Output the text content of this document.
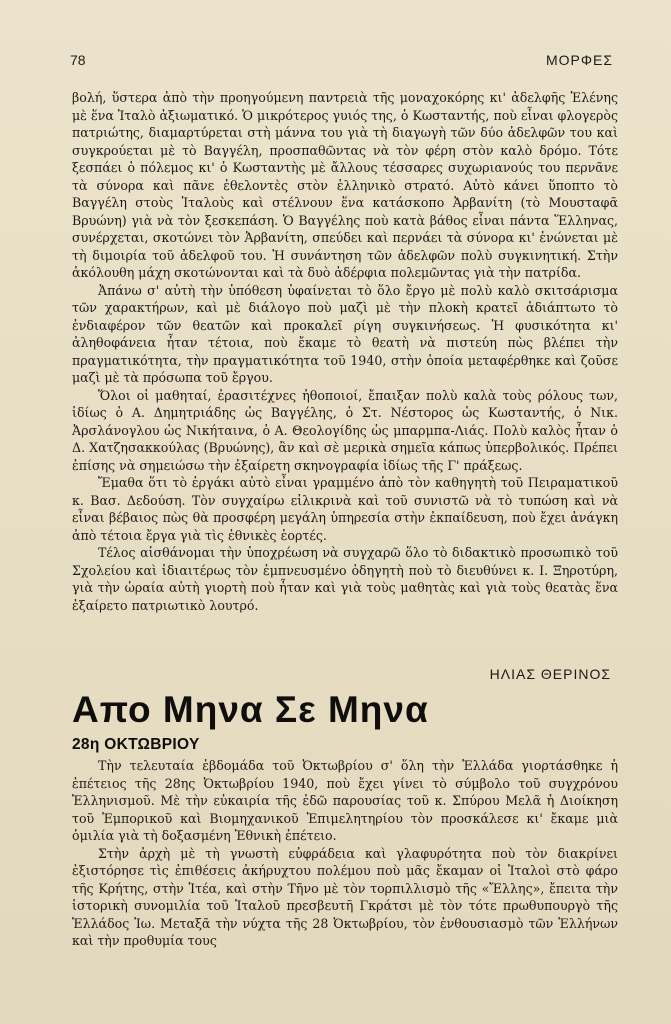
78	ΜΟΡΦΕΣ

βολή, ὕστερα ἀπὸ τὴν προηγούμενη παντρειὰ τῆς μοναχοκόρης κι' ἀδελφῆς Ἑλένης μὲ ἕνα Ἰταλὸ ἀξιωματικό. Ὁ μικρότερος γυιός της, ὁ Κωσταντής, ποὺ εἶναι φλογερὸς πατριώτης, διαμαρτύρεται στὴ μάννα του γιὰ τὴ διαγωγὴ τῶν δύο ἀδελφῶν του καὶ συγκρούεται μὲ τὸ Βαγγέλη, προσπαθῶντας νὰ τὸν φέρη στὸν καλὸ δρόμο. Τότε ξεσπάει ὁ πόλεμος κι' ὁ Κωσταντὴς μὲ ἄλλους τέσσαρες συχωριανούς του περνᾶνε τὰ σύνορα καὶ πᾶνε ἐθελοντὲς στὸν ἑλληνικὸ στρατό. Αὐτὸ κάνει ὕποπτο τὸ Βαγγέλη στοὺς Ἰταλοὺς καὶ στέλνουν ἕνα κατάσκοπο Ἀρβανίτη (τὸ Μουσταφᾶ Βρυώνη) γιὰ νὰ τὸν ξεσκεπάση. Ὁ Βαγγέλης ποὺ κατὰ βάθος εἶναι πάντα Ἕλληνας, συνέρχεται, σκοτώνει τὸν Ἀρβανίτη, σπεύδει καὶ περνάει τὰ σύνορα κι' ἑνώνεται μὲ τὴ διμοιρία τοῦ ἀδελφοῦ του. Ἡ συνάντηση τῶν ἀδελφῶν πολὺ συγκινητική. Στὴν ἀκόλουθη μάχη σκοτώνονται καὶ τὰ δυὸ ἀδέρφια πολεμῶντας γιὰ τὴν πατρίδα.

Ἀπάνω σ' αὐτὴ τὴν ὑπόθεση ὑφαίνεται τὸ ὅλο ἔργο μὲ πολὺ καλὸ σκιτσάρισμα τῶν χαρακτήρων, καὶ μὲ διάλογο ποὺ μαζὶ μὲ τὴν πλοκὴ κρατεῖ ἀδιάπτωτο τὸ ἐνδιαφέρον τῶν θεατῶν καὶ προκαλεῖ ρίγη συγκινήσεως. Ἡ φυσικότητα κι' ἀληθοφάνεια ἦταν τέτοια, ποὺ ἔκαμε τὸ θεατὴ νὰ πιστεύη πὼς βλέπει τὴν πραγματικότητα, τὴν πραγματικότητα τοῦ 1940, στὴν ὁποία μεταφέρθηκε καὶ ζοῦσε μαζὶ μὲ τὰ πρόσωπα τοῦ ἔργου.

Ὅλοι οἱ μαθηταί, ἐρασιτέχνες ἠθοποιοί, ἔπαιξαν πολὺ καλὰ τοὺς ρόλους των, ἰδίως ὁ Α. Δημητριάδης ὡς Βαγγέλης, ὁ Στ. Νέστορος ὡς Κωσταντής, ὁ Νικ. Ἀρσλάνογλου ὡς Νικήταινα, ὁ Α. Θεολογίδης ὡς μπαρμπα-Λιάς. Πολὺ καλὸς ἦταν ὁ Δ. Χατζησακκούλας (Βρυώνης), ἂν καὶ σὲ μερικὰ σημεῖα κάπως ὑπερβολικός. Πρέπει ἐπίσης νὰ σημειώσω τὴν ἐξαίρετη σκηνογραφία ἰδίως τῆς Γ' πράξεως.

Ἔμαθα ὅτι τὸ ἐργάκι αὐτὸ εἶναι γραμμένο ἀπὸ τὸν καθηγητὴ τοῦ Πειραματικοῦ κ. Βασ. Δεδούση. Τὸν συγχαίρω εἰλικρινὰ καὶ τοῦ συνιστῶ νὰ τὸ τυπώση καὶ νὰ εἶναι βέβαιος πὼς θὰ προσφέρη μεγάλη ὑπηρεσία στὴν ἐκπαίδευση, ποὺ ἔχει ἀνάγκη ἀπὸ τέτοια ἔργα γιὰ τὶς ἐθνικὲς ἑορτές.

Τέλος αἰσθάνομαι τὴν ὑποχρέωση νὰ συγχαρῶ ὅλο τὸ διδακτικὸ προσωπικὸ τοῦ Σχολείου καὶ ἰδιαιτέρως τὸν ἐμπνευσμένο ὁδηγητὴ ποὺ τὸ διευθύνει κ. Ι. Ξηροτύρη, γιὰ τὴν ὡραία αὐτὴ γιορτὴ ποὺ ἦταν καὶ γιὰ τοὺς μαθητὰς καὶ γιὰ τοὺς θεατὰς ἕνα ἐξαίρετο πατριωτικὸ λουτρό.

ΗΛΙΑΣ ΘΕΡΙΝΟΣ
Απο Μηνα Σε Μηνα
28η ΟΚΤΩΒΡΙΟΥ

Τὴν τελευταία ἑβδομάδα τοῦ Ὀκτωβρίου σ' ὅλη τὴν Ἑλλάδα γιορτάσθηκε ἡ ἐπέτειος τῆς 28ης Ὀκτωβρίου 1940, ποὺ ἔχει γίνει τὸ σύμβολο τοῦ συγχρόνου Ἑλληνισμοῦ. Μὲ τὴν εὐκαιρία τῆς ἐδῶ παρουσίας τοῦ κ. Σπύρου Μελᾶ ἡ Διοίκηση τοῦ Ἐμπορικοῦ καὶ Βιομηχανικοῦ Ἐπιμελητηρίου τὸν προσκάλεσε κι' ἔκαμε μιὰ ὁμιλία γιὰ τὴ δοξασμένη Ἐθνικὴ ἐπέτειο.

Στὴν ἀρχὴ μὲ τὴ γνωστὴ εὐφράδεια καὶ γλαφυρότητα ποὺ τὸν διακρίνει ἐξιστόρησε τὶς ἐπιθέσεις ἀκήρυχτου πολέμου ποὺ μᾶς ἔκαμαν οἱ Ἰταλοὶ στὸ φάρο τῆς Κρήτης, στὴν Ἰτέα, καὶ στὴν Τῆνο μὲ τὸν τορπιλλισμὸ τῆς «Ἔλλης», ἔπειτα τὴν ἱστορικὴ συνομιλία τοῦ Ἰταλοῦ πρεσβευτῆ Γκράτσι μὲ τὸν τότε πρωθυπουργὸ τῆς Ἑλλάδος Ἰω. Μεταξᾶ τὴν νύχτα τῆς 28 Ὀκτωβρίου, τὸν ἐνθουσιασμὸ τῶν Ἑλλήνων καὶ τὴν προθυμία τους
